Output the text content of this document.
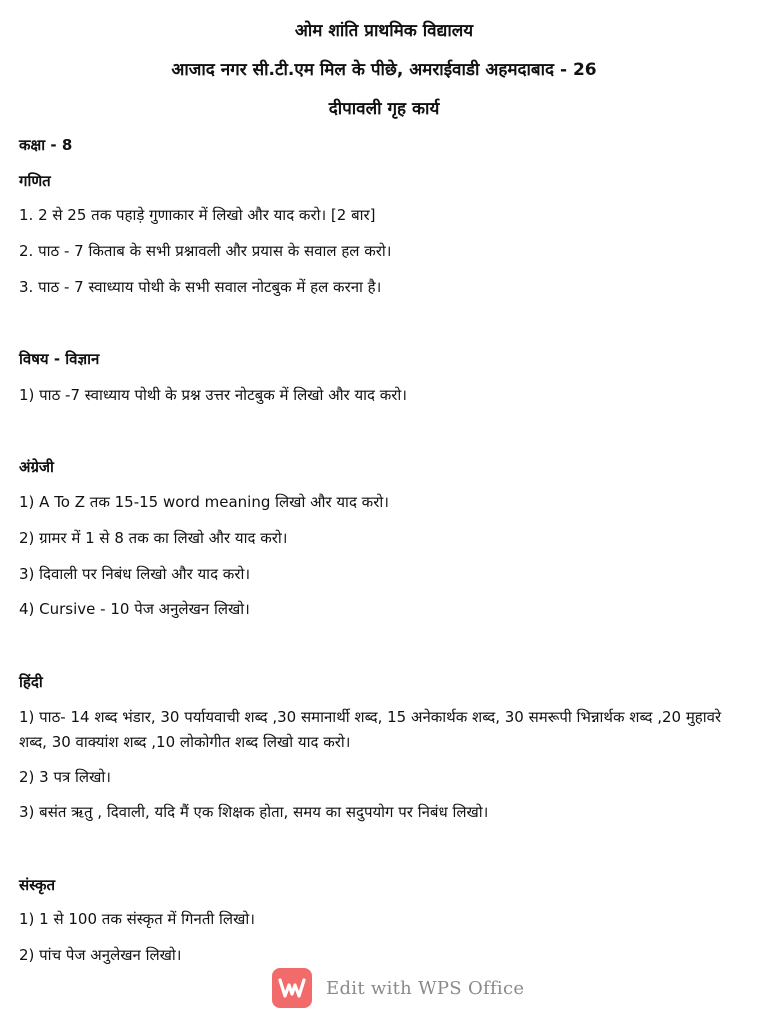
ओम शांति प्राथमिक विद्यालय
आजाद नगर सी.टी.एम मिल के पीछे, अमराईवाडी अहमदाबाद - 26
दीपावली गृह कार्य
कक्षा - 8
गणित
1. 2 से 25 तक पहाड़े गुणाकार में लिखो और याद करो। [2 बार]
2. पाठ - 7 किताब के सभी प्रश्नावली और प्रयास के सवाल हल करो।
3. पाठ - 7 स्वाध्याय पोथी के सभी सवाल नोटबुक में हल करना है।
विषय - विज्ञान
1) पाठ -7 स्वाध्याय पोथी के प्रश्न उत्तर नोटबुक में लिखो और याद करो।
अंग्रेजी
1) A To Z तक 15-15 word meaning लिखो और याद करो।
2) ग्रामर में 1 से 8 तक का लिखो और याद करो।
3) दिवाली पर निबंध लिखो और याद करो।
4) Cursive - 10 पेज अनुलेखन लिखो।
हिंदी
1) पाठ- 14 शब्द भंडार, 30 पर्यायवाची शब्द ,30 समानार्थी शब्द, 15 अनेकार्थक शब्द, 30 समरूपी भिन्नार्थक शब्द ,20 मुहावरे शब्द, 30 वाक्यांश शब्द ,10 लोकोगीत शब्द लिखो याद करो।
2) 3 पत्र लिखो।
3) बसंत ऋतु , दिवाली, यदि मैं एक शिक्षक होता, समय का सदुपयोग पर निबंध लिखो।
संस्कृत
1) 1 से 100 तक संस्कृत में गिनती लिखो।
2) पांच पेज अनुलेखन लिखो।
Edit with WPS Office
